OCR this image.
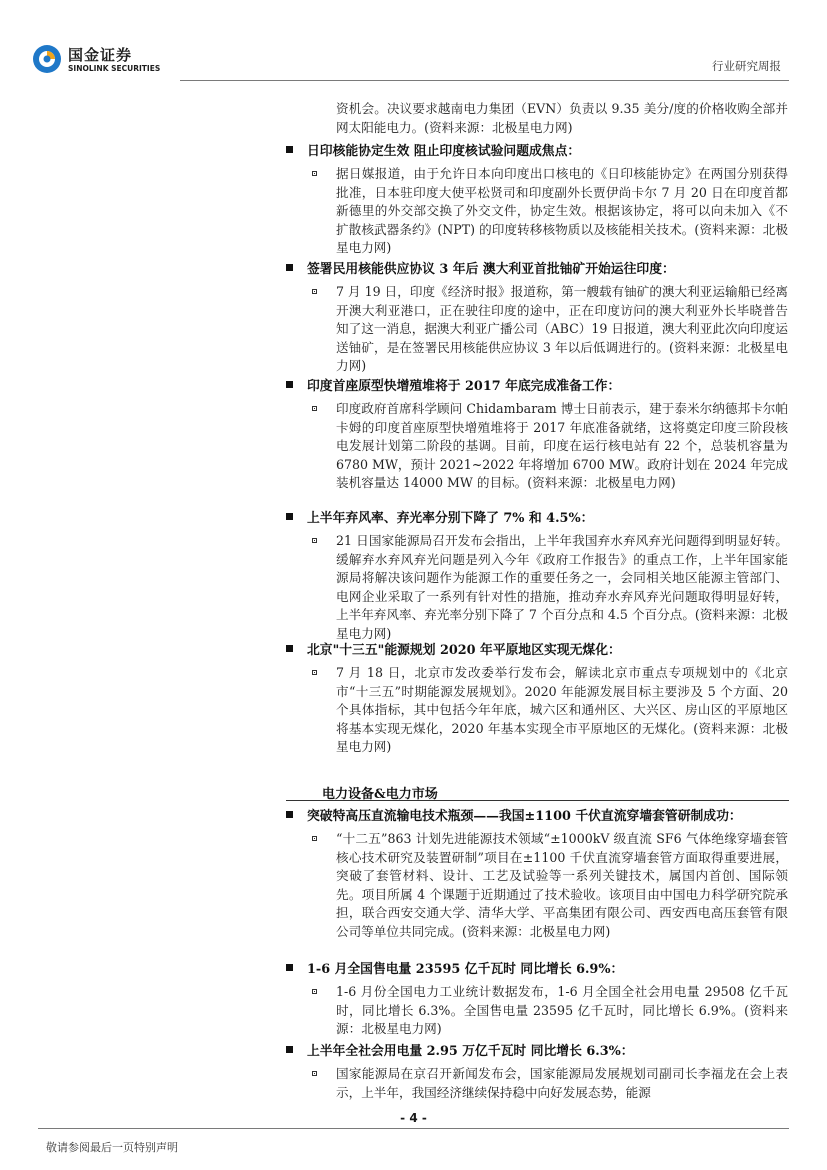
国金证券
SINOLINK SECURITIES	行业研究周报
资机会。决议要求越南电力集团（EVN）负责以 9.35 美分/度的价格收购全部并网太阳能电力。(资料来源：北极星电力网)
日印核能协定生效 阻止印度核试验问题成焦点：
据日媒报道，由于允许日本向印度出口核电的《日印核能协定》在两国分别获得批准，日本驻印度大使平松贤司和印度副外长贾伊尚卡尔 7 月 20 日在印度首都新德里的外交部交换了外交文件，协定生效。根据该协定，将可以向未加入《不扩散核武器条约》(NPT) 的印度转移核物质以及核能相关技术。(资料来源：北极星电力网)
签署民用核能供应协议 3 年后 澳大利亚首批铀矿开始运往印度：
7 月 19 日，印度《经济时报》报道称，第一艘载有铀矿的澳大利亚运输船已经离开澳大利亚港口，正在驶往印度的途中，正在印度访问的澳大利亚外长毕晓普告知了这一消息，据澳大利亚广播公司（ABC）19 日报道，澳大利亚此次向印度运送铀矿，是在签署民用核能供应协议 3 年以后低调进行的。(资料来源：北极星电力网)
印度首座原型快增殖堆将于 2017 年底完成准备工作：
印度政府首席科学顾问 Chidambaram 博士日前表示，建于泰米尔纳德邦卡尔帕卡姆的印度首座原型快增殖堆将于 2017 年底准备就绪，这将奠定印度三阶段核电发展计划第二阶段的基调。目前，印度在运行核电站有 22 个，总装机容量为 6780 MW，预计 2021~2022 年将增加 6700 MW。政府计划在 2024 年完成装机容量达 14000 MW 的目标。(资料来源：北极星电力网)
上半年弃风率、弃光率分别下降了 7% 和 4.5%：
21 日国家能源局召开发布会指出，上半年我国弃水弃风弃光问题得到明显好转。缓解弃水弃风弃光问题是列入今年《政府工作报告》的重点工作，上半年国家能源局将解决该问题作为能源工作的重要任务之一，会同相关地区能源主管部门、电网企业采取了一系列有针对性的措施，推动弃水弃风弃光问题取得明显好转，上半年弃风率、弃光率分别下降了 7 个百分点和 4.5 个百分点。(资料来源：北极星电力网)
北京"十三五"能源规划 2020 年平原地区实现无煤化：
7 月 18 日，北京市发改委举行发布会，解读北京市重点专项规划中的《北京市“十三五”时期能源发展规划》。2020 年能源发展目标主要涉及 5 个方面、20 个具体指标，其中包括今年年底，城六区和通州区、大兴区、房山区的平原地区将基本实现无煤化，2020 年基本实现全市平原地区的无煤化。(资料来源：北极星电力网)
电力设备&电力市场
突破特高压直流输电技术瓶颈——我国±1100 千伏直流穿墙套管研制成功：
“十二五”863 计划先进能源技术领域“±1000kV 级直流 SF6 气体绝缘穿墙套管核心技术研究及装置研制”项目在±1100 千伏直流穿墙套管方面取得重要进展，突破了套管材料、设计、工艺及试验等一系列关键技术，属国内首创、国际领先。项目所属 4 个课题于近期通过了技术验收。该项目由中国电力科学研究院承担，联合西安交通大学、清华大学、平高集团有限公司、西安西电高压套管有限公司等单位共同完成。(资料来源：北极星电力网)
1-6 月全国售电量 23595 亿千瓦时 同比增长 6.9%：
1-6 月份全国电力工业统计数据发布，1-6 月全国全社会用电量 29508 亿千瓦时，同比增长 6.3%。全国售电量 23595 亿千瓦时，同比增长 6.9%。(资料来源：北极星电力网)
上半年全社会用电量 2.95 万亿千瓦时 同比增长 6.3%：
国家能源局在京召开新闻发布会，国家能源局发展规划司副司长李福龙在会上表示，上半年，我国经济继续保持稳中向好发展态势，能源
- 4 -
敬请参阅最后一页特别声明
